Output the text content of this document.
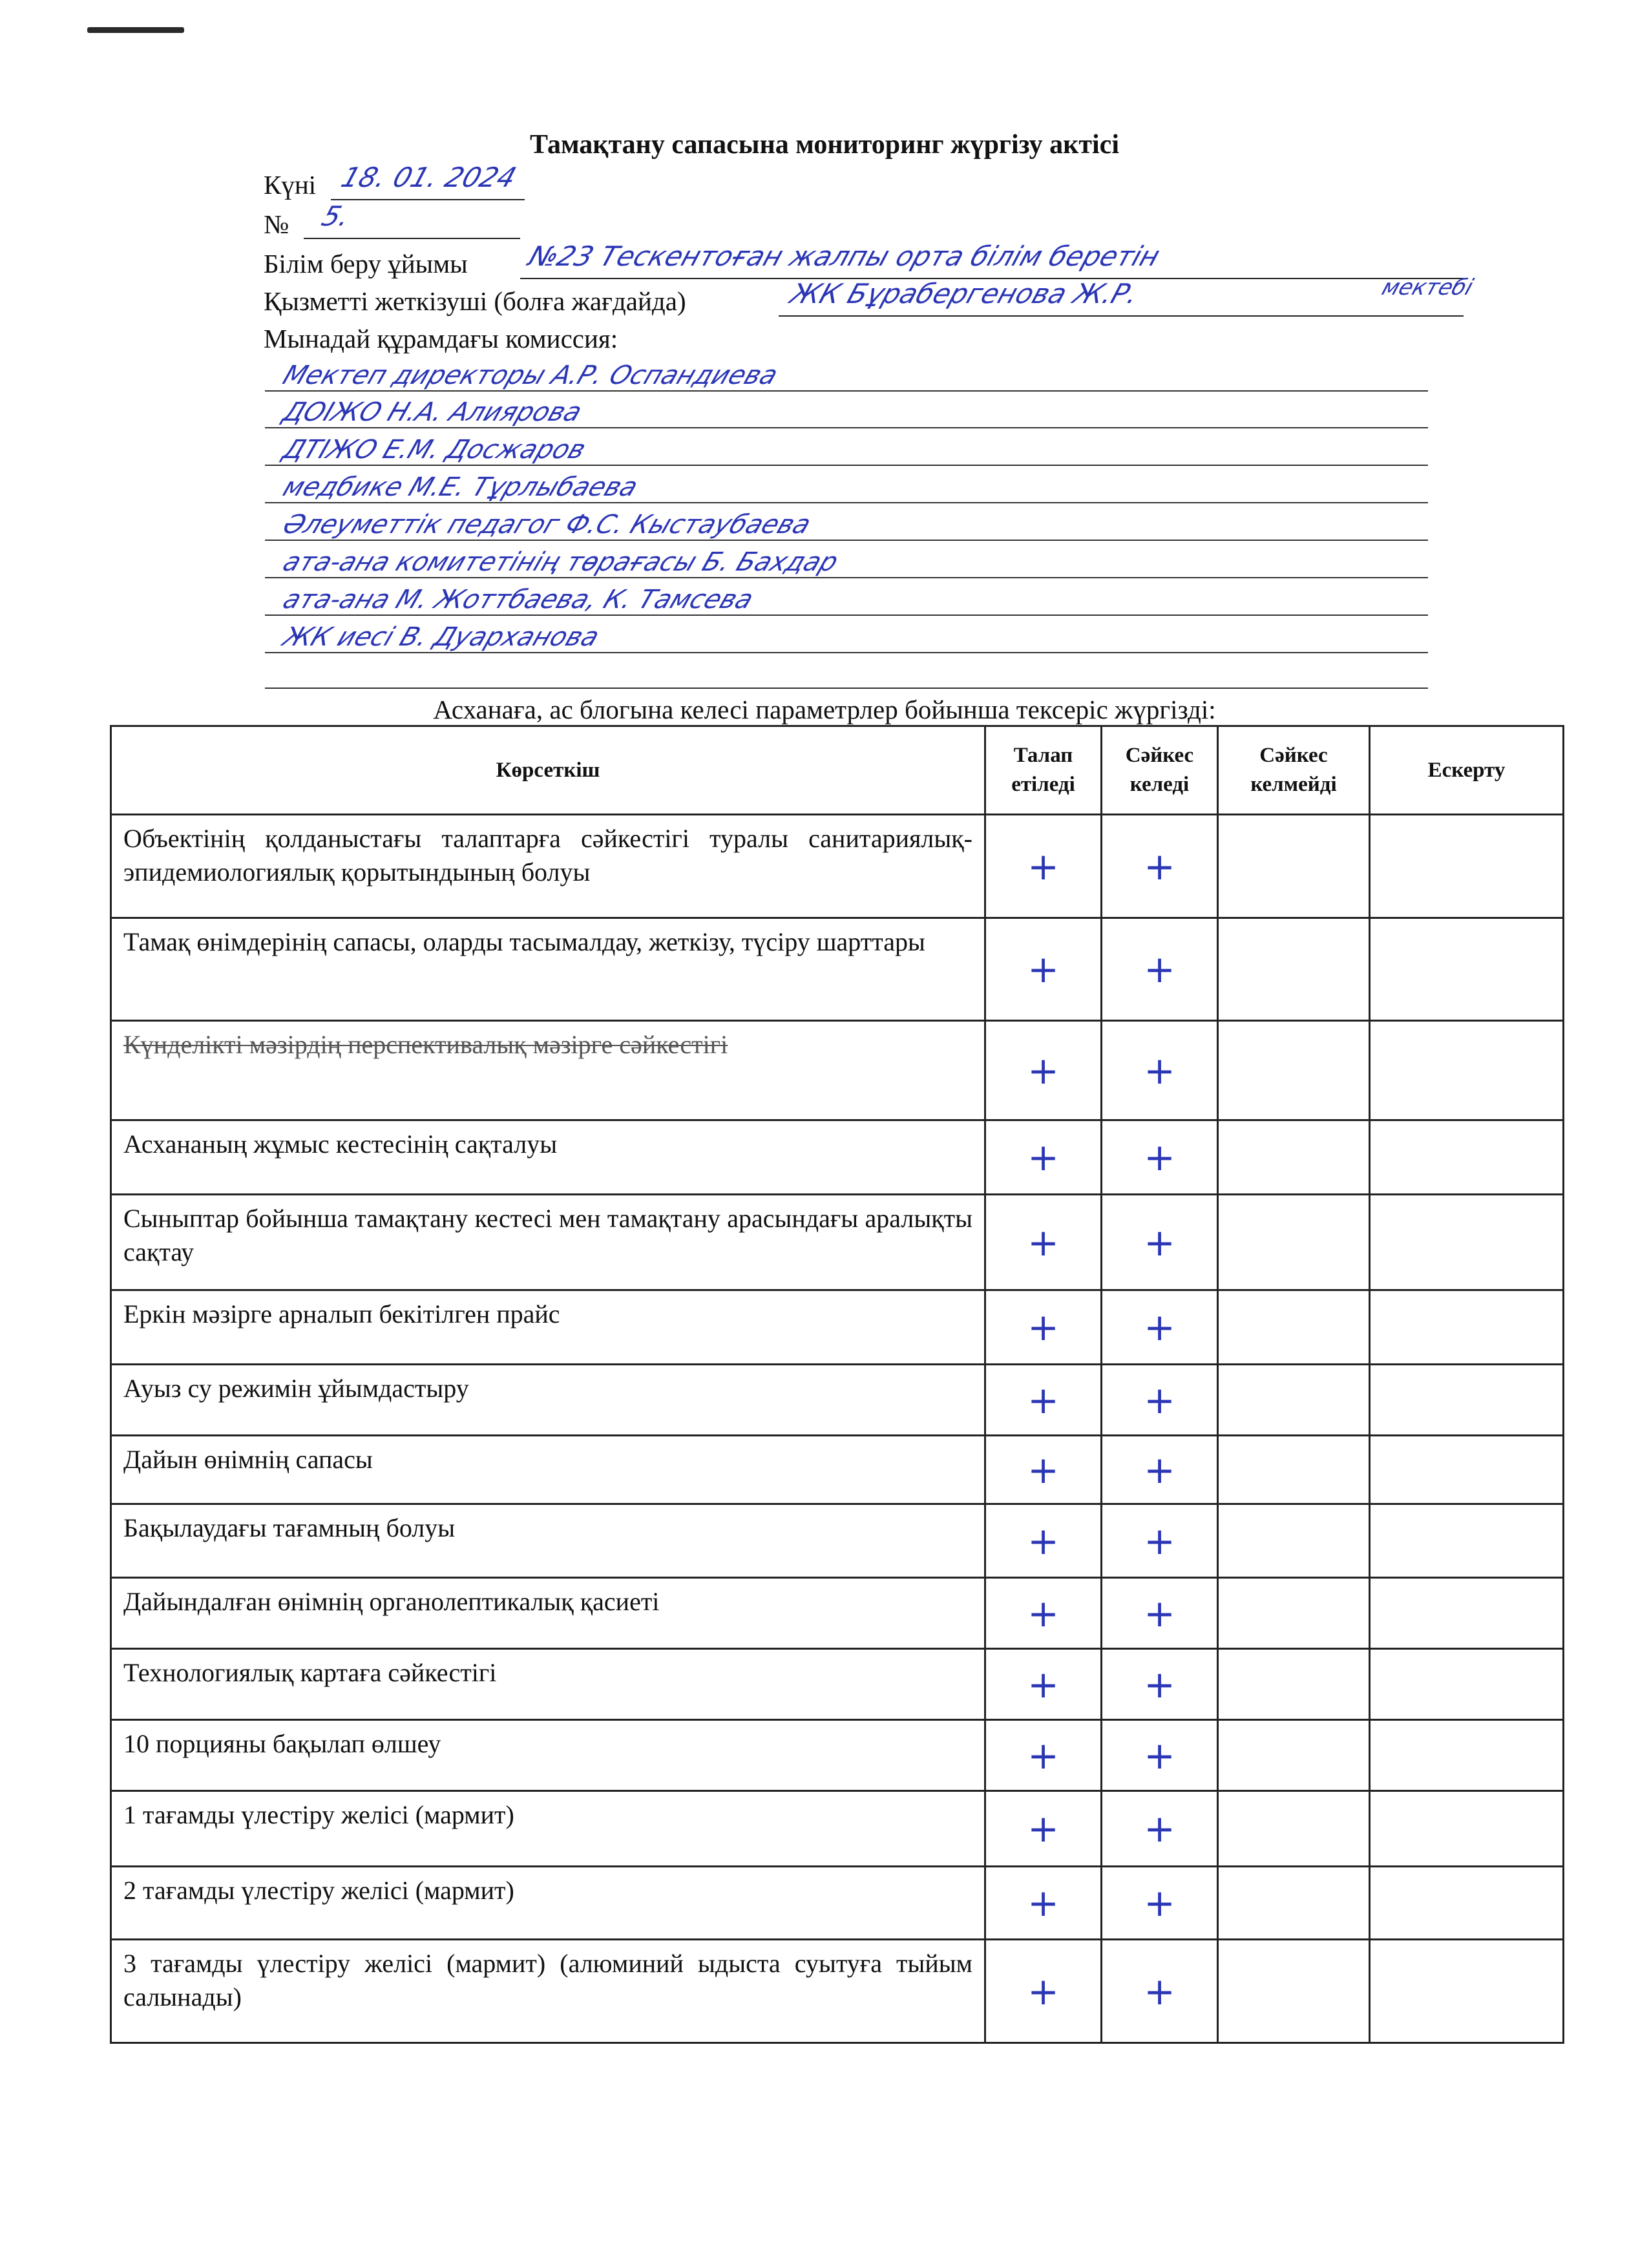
Тамақтану сапасына мониторинг жүргізу актісі
Күні 18. 01. 2024
№ 5.
Білім беру ұйымы №23 Тескентоған жалпы орта білім беретін
Қызметті жеткізуші (болға жағдайда)	ЖК Бұрабергенова Ж.Р.	мектебі
Мынадай құрамдағы комиссия:
Мектеп директоры А.Р. Оспандиева
ДОІЖО Н.А. Алиярова
ДТІЖО Е.М. Досжаров
медбике М.Е. Тұрлыбаева
Әлеуметтік педагог Ф.С. Кыстаубаева
ата-ана комитетінің төрағасы Б. Бахдар
ата-ана М. Жоттбаева, К. Тамсева
ЖК иесі В. Дуарханова
Асханаға, ас блогына келесі параметрлер бойынша тексеріс жүргізді:
Көрсеткіш	Талап етіледі	Сәйкес келеді	Сәйкес келмейді	Ескерту
Объектінің қолданыстағы талаптарға сәйкестігі туралы санитариялық-эпидемиологиялық қорытындының болуы	+	+		
Тамақ өнімдерінің сапасы, оларды тасымалдау, жеткізу, түсіру шарттары	+	+		
Күнделікті мәзірдің перспективалық мәзірге сәйкестігі	+	+		
Асхананың жұмыс кестесінің сақталуы	+	+		
Сыныптар бойынша тамақтану кестесі мен тамақтану арасындағы аралықты сақтау	+	+		
Еркін мәзірге арналып бекітілген прайс	+	+		
Ауыз су режимін ұйымдастыру	+	+		
Дайын өнімнің сапасы	+	+		
Бақылаудағы тағамның болуы	+	+		
Дайындалған өнімнің органолептикалық қасиеті	+	+		
Технологиялық картаға сәйкестігі	+	+		
10 порцияны бақылап өлшеу	+	+		
1 тағамды үлестіру желісі (мармит)	+	+		
2 тағамды үлестіру желісі (мармит)	+	+		
3 тағамды үлестіру желісі (мармит) (алюминий ыдыста суытуға тыйым салынады)	+	+		
